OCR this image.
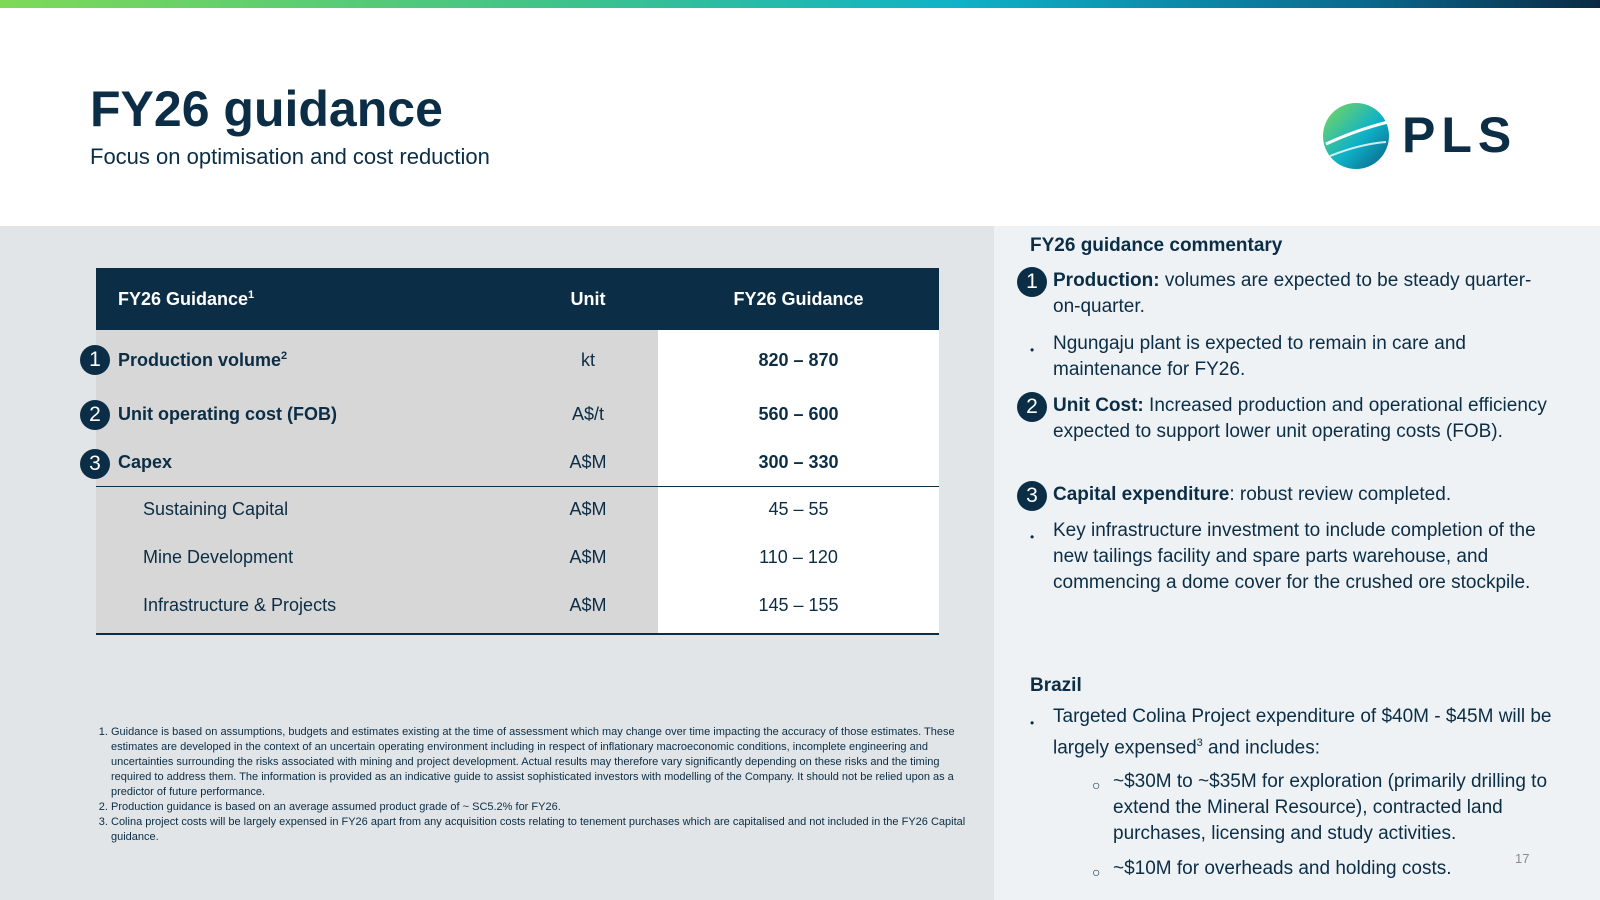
FY26 guidance
Focus on optimisation and cost reduction	PLS
FY26 Guidance$^1$	Unit	FY26 Guidance
Production volume$^2$	kt	820 – 870
Unit operating cost (FOB)	A$/t	560 – 600
Capex	A$M	300 – 330
Sustaining Capital	A$M	45 – 55
Mine Development	A$M	110 – 120
Infrastructure & Projects	A$M	145 – 155
1
2
3
1. Guidance is based on assumptions, budgets and estimates existing at the time of assessment which may change over time impacting the accuracy of those estimates. These estimates are developed in the context of an uncertain operating environment including in respect of inflationary macroeconomic conditions, incomplete engineering and uncertainties surrounding the risks associated with mining and project development. Actual results may therefore vary significantly depending on these risks and the timing required to address them. The information is provided as an indicative guide to assist sophisticated investors with modelling of the Company. It should not be relied upon as a predictor of future performance.
2. Production guidance is based on an average assumed product grade of ~ SC5.2% for FY26.
3. Colina project costs will be largely expensed in FY26 apart from any acquisition costs relating to tenement purchases which are capitalised and not included in the FY26 Capital guidance.
FY26 guidance commentary
1 Production: volumes are expected to be steady quarter-on-quarter.
• Ngungaju plant is expected to remain in care and maintenance for FY26.
2 Unit Cost: Increased production and operational efficiency expected to support lower unit operating costs (FOB).
3 Capital expenditure: robust review completed.
• Key infrastructure investment to include completion of the new tailings facility and spare parts warehouse, and commencing a dome cover for the crushed ore stockpile.
Brazil
• Targeted Colina Project expenditure of $40M - $45M will be largely expensed$^3$ and includes:
○ ~$30M to ~$35M for exploration (primarily drilling to extend the Mineral Resource), contracted land purchases, licensing and study activities.
○ ~$10M for overheads and holding costs.	17
